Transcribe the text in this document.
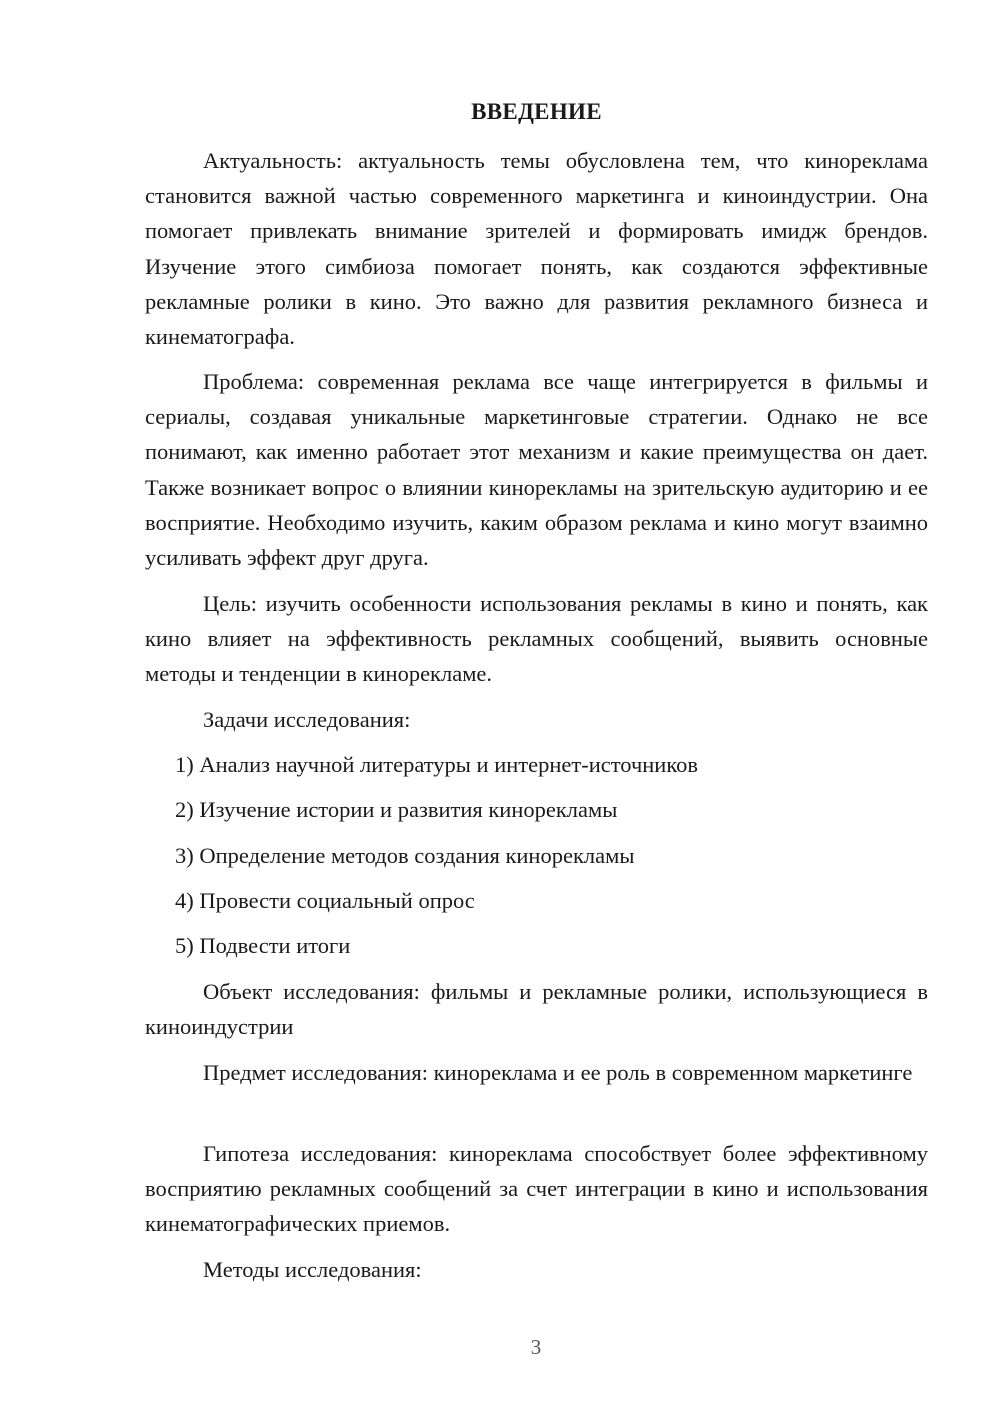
ВВЕДЕНИЕ

Актуальность: актуальность темы обусловлена тем, что кинореклама становится важной частью современного маркетинга и киноиндустрии. Она помогает привлекать внимание зрителей и формировать имидж брендов. Изучение этого симбиоза помогает понять, как создаются эффективные рекламные ролики в кино. Это важно для развития рекламного бизнеса и кинематографа.

Проблема: современная реклама все чаще интегрируется в фильмы и сериалы, создавая уникальные маркетинговые стратегии. Однако не все понимают, как именно работает этот механизм и какие преимущества он дает. Также возникает вопрос о влиянии кинорекламы на зрительскую аудиторию и ее восприятие. Необходимо изучить, каким образом реклама и кино могут взаимно усиливать эффект друг друга.

Цель: изучить особенности использования рекламы в кино и понять, как кино влияет на эффективность рекламных сообщений, выявить основные методы и тенденции в кинорекламе.

Задачи исследования:

1) Анализ научной литературы и интернет-источников

2) Изучение истории и развития кинорекламы

3) Определение методов создания кинорекламы

4) Провести социальный опрос

5) Подвести итоги

Объект исследования: фильмы и рекламные ролики, использующиеся в киноиндустрии

Предмет исследования: кинореклама и ее роль в современном маркетинге

Гипотеза исследования: кинореклама способствует более эффективному восприятию рекламных сообщений за счет интеграции в кино и использования кинематографических приемов.

Методы исследования:

3
